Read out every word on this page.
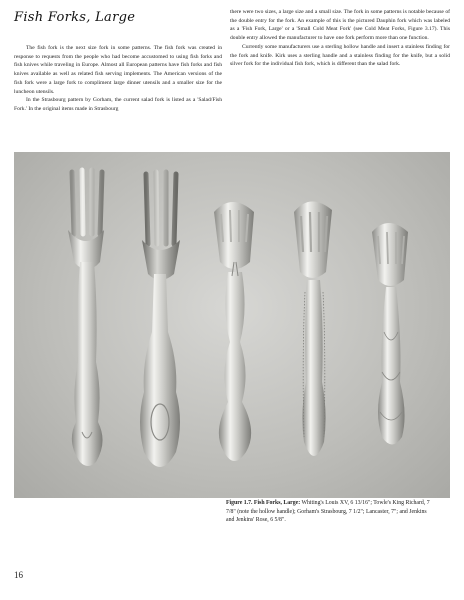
Fish Forks, Large

The fish fork is the next size fork in some patterns. The fish fork was created in response to requests from the people who had become accustomed to using fish forks and fish knives while traveling in Europe. Almost all European patterns have fish forks and fish knives available as well as related fish serving implements. The American versions of the fish fork were a large fork to compliment large dinner utensils and a smaller size for the luncheon utensils.

In the Strasbourg pattern by Gorham, the current salad fork is listed as a 'Salad/Fish Fork.' In the original items made in Strasbourg

there were two sizes, a large size and a small size. The fork in some patterns is notable because of the double entry for the fork. An example of this is the pictured Dauphin fork which was labeled as a 'Fish Fork, Large' or a 'Small Cold Meat Fork' (see Cold Meat Forks, Figure 3.17). This double entry allowed the manufacturer to have one fork perform more than one function.

Currently some manufacturers use a sterling hollow handle and insert a stainless finding for the fork and knife. Kirk uses a sterling handle and a stainless finding for the knife, but a solid silver fork for the individual fish fork, which is different than the salad fork.

Figure 1.7. Fish Forks, Large: Whiting's Louis XV, 6 13/16"; Towle's King Richard, 7 7/8" (note the hollow handle); Gorham's Strasbourg, 7 1/2"; Lancaster, 7"; and Jenkins and Jenkins' Rose, 6 5/8".
16
